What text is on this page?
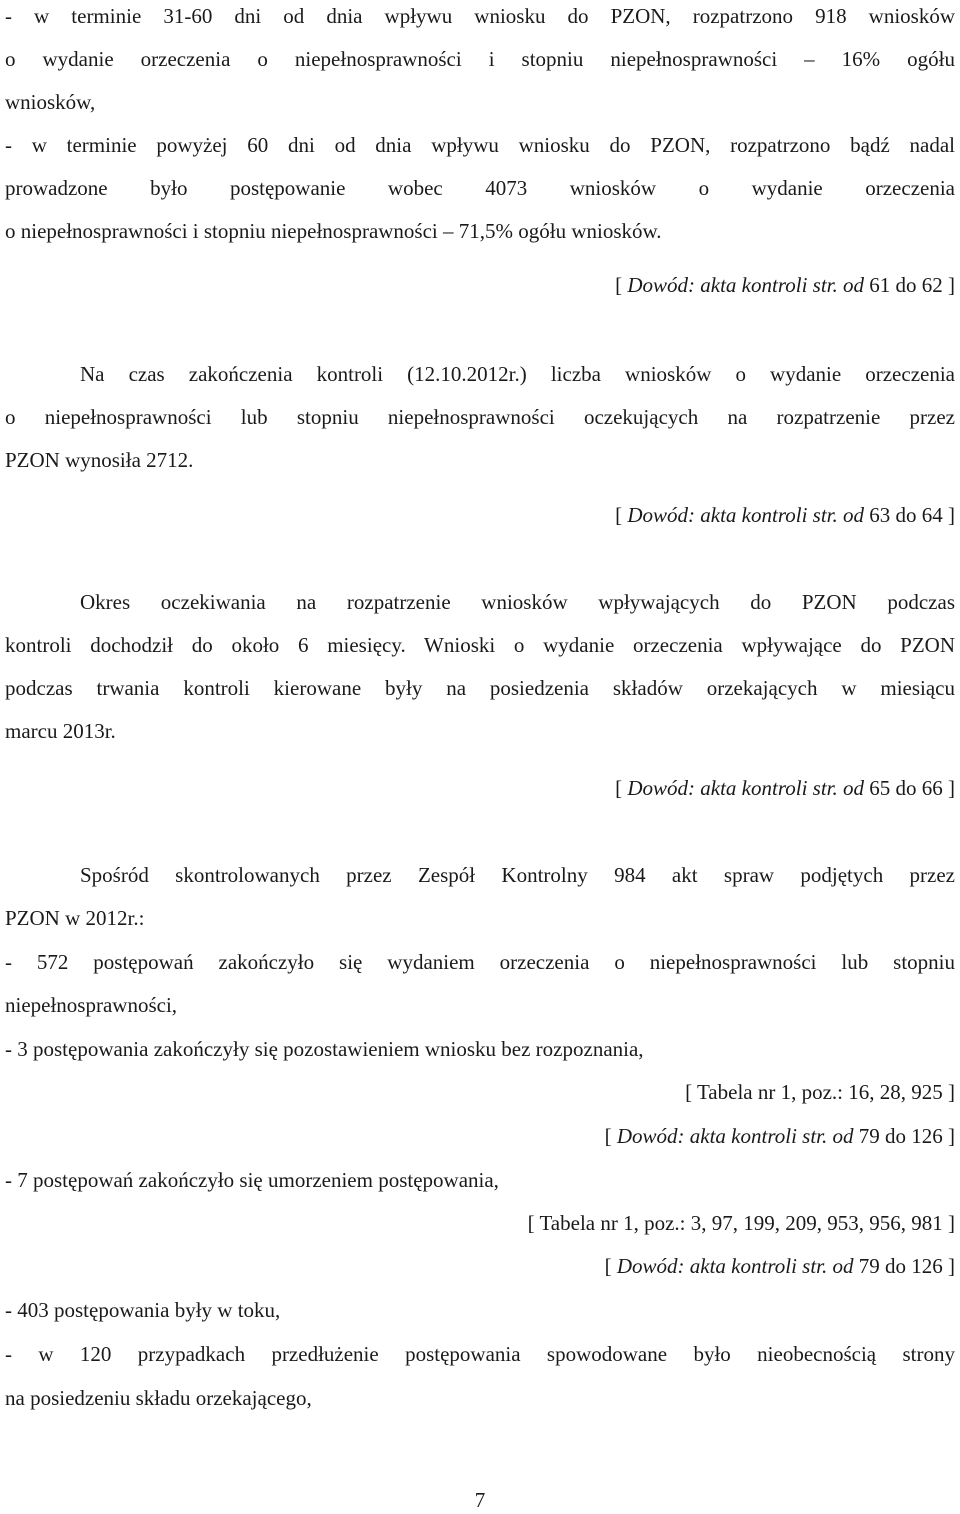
- w terminie 31-60 dni od dnia wpływu wniosku do PZON, rozpatrzono 918 wniosków
o wydanie orzeczenia o niepełnosprawności i stopniu niepełnosprawności – 16% ogółu
wniosków,
- w terminie powyżej 60 dni od dnia wpływu wniosku do PZON, rozpatrzono bądź nadal
prowadzone było postępowanie wobec 4073 wniosków o wydanie orzeczenia
o niepełnosprawności i stopniu niepełnosprawności – 71,5% ogółu wniosków.
[ Dowód: akta kontroli str. od 61 do 62 ]
Na czas zakończenia kontroli (12.10.2012r.) liczba wniosków o wydanie orzeczenia
o niepełnosprawności lub stopniu niepełnosprawności oczekujących na rozpatrzenie przez
PZON wynosiła 2712.
[ Dowód: akta kontroli str. od 63 do 64 ]
Okres oczekiwania na rozpatrzenie wniosków wpływających do PZON podczas
kontroli dochodził do około 6 miesięcy. Wnioski o wydanie orzeczenia wpływające do PZON
podczas trwania kontroli kierowane były na posiedzenia składów orzekających w miesiącu
marcu 2013r.
[ Dowód: akta kontroli str. od 65 do 66 ]
Spośród skontrolowanych przez Zespół Kontrolny 984 akt spraw podjętych przez
PZON w 2012r.:
- 572 postępowań zakończyło się wydaniem orzeczenia o niepełnosprawności lub stopniu
niepełnosprawności,
- 3 postępowania zakończyły się pozostawieniem wniosku bez rozpoznania,
[ Tabela nr 1, poz.: 16, 28, 925 ]
[ Dowód: akta kontroli str. od 79 do 126 ]
- 7 postępowań zakończyło się umorzeniem postępowania,
[ Tabela nr 1, poz.: 3, 97, 199, 209, 953, 956, 981 ]
[ Dowód: akta kontroli str. od 79 do 126 ]
- 403 postępowania były w toku,
- w 120 przypadkach przedłużenie postępowania spowodowane było nieobecnością strony
na posiedzeniu składu orzekającego,
7
